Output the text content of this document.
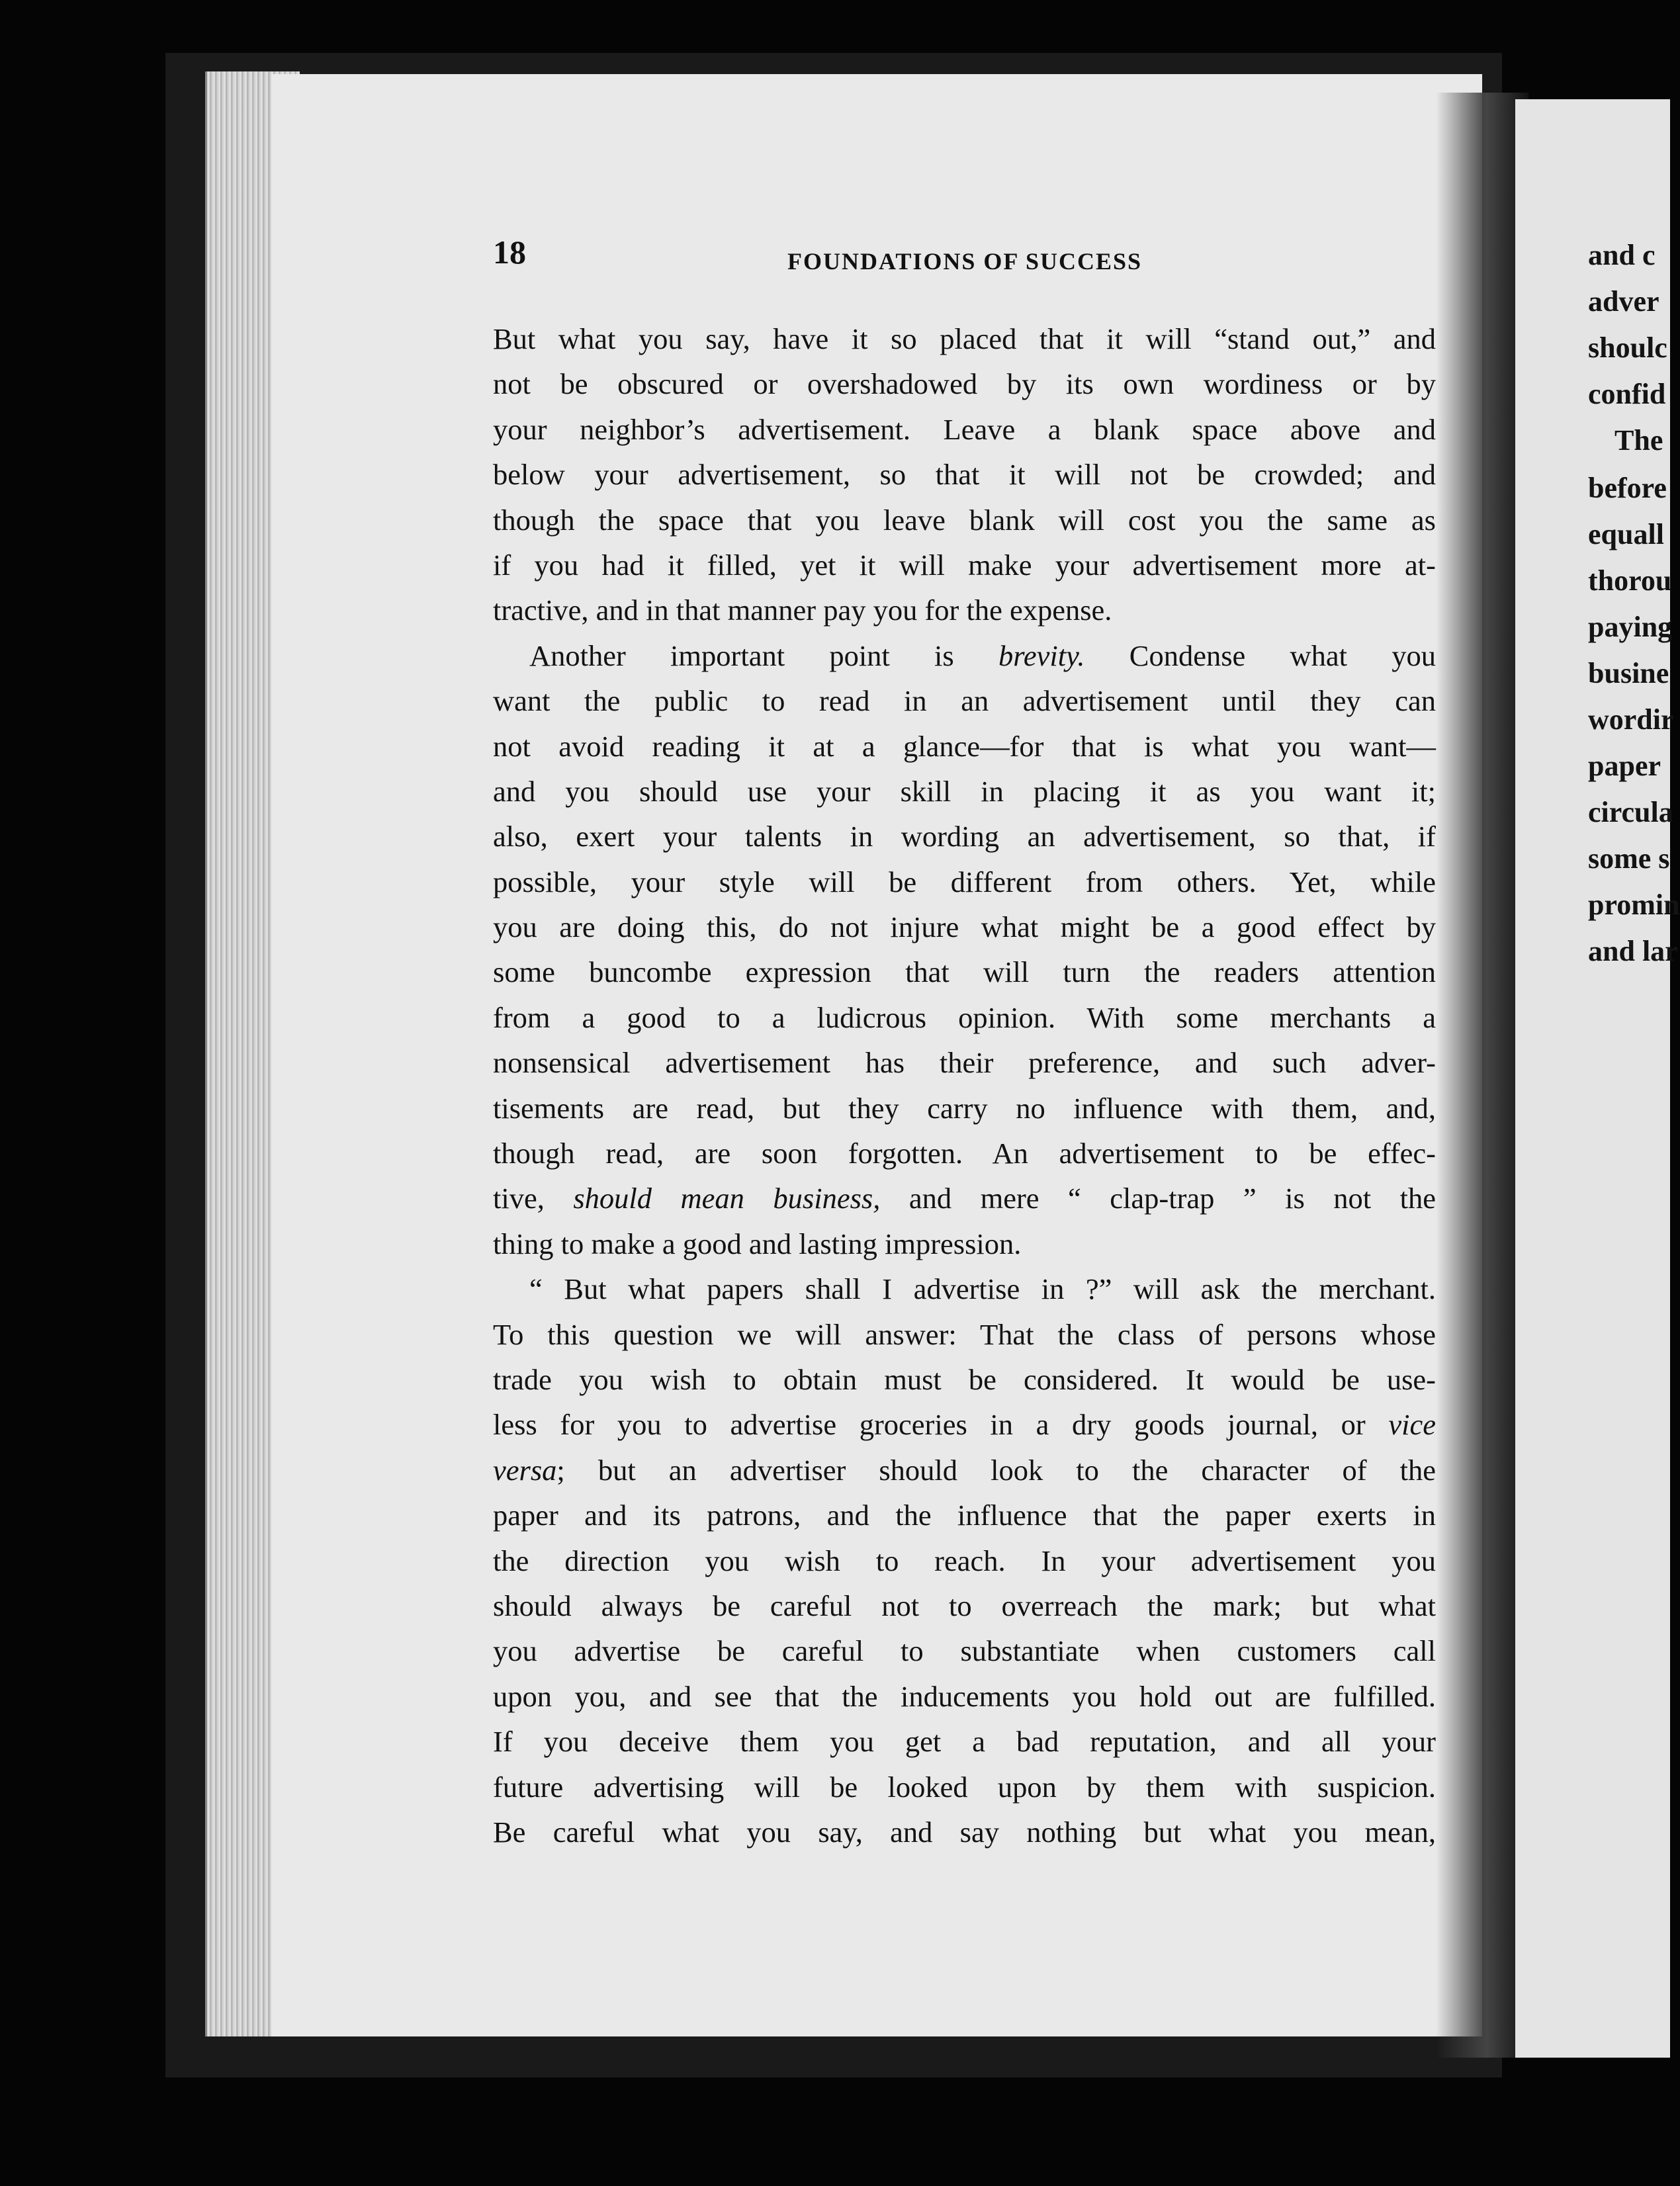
and c
adver
shoulc
confid
The
before
equall
thorou
paying
busine
wordir
paper
circula
some s
promin
and lar
18	FOUNDATIONS OF SUCCESS
But what you say, have it so placed that it will “stand out,” and
not be obscured or overshadowed by its own wordiness or by
your neighbor’s advertisement. Leave a blank space above and
below your advertisement, so that it will not be crowded; and
though the space that you leave blank will cost you the same as
if you had it filled, yet it will make your advertisement more at-
tractive, and in that manner pay you for the expense.
Another important point is brevity. Condense what you
want the public to read in an advertisement until they can
not avoid reading it at a glance—for that is what you want—
and you should use your skill in placing it as you want it;
also, exert your talents in wording an advertisement, so that, if
possible, your style will be different from others. Yet, while
you are doing this, do not injure what might be a good effect by
some buncombe expression that will turn the readers attention
from a good to a ludicrous opinion. With some merchants a
nonsensical advertisement has their preference, and such adver-
tisements are read, but they carry no influence with them, and,
though read, are soon forgotten. An advertisement to be effec-
tive, should mean business, and mere “ clap-trap ” is not the
thing to make a good and lasting impression.
“ But what papers shall I advertise in ?” will ask the merchant.
To this question we will answer: That the class of persons whose
trade you wish to obtain must be considered. It would be use-
less for you to advertise groceries in a dry goods journal, or vice
versa; but an advertiser should look to the character of the
paper and its patrons, and the influence that the paper exerts in
the direction you wish to reach. In your advertisement you
should always be careful not to overreach the mark; but what
you advertise be careful to substantiate when customers call
upon you, and see that the inducements you hold out are fulfilled.
If you deceive them you get a bad reputation, and all your
future advertising will be looked upon by them with suspicion.
Be careful what you say, and say nothing but what you mean,
